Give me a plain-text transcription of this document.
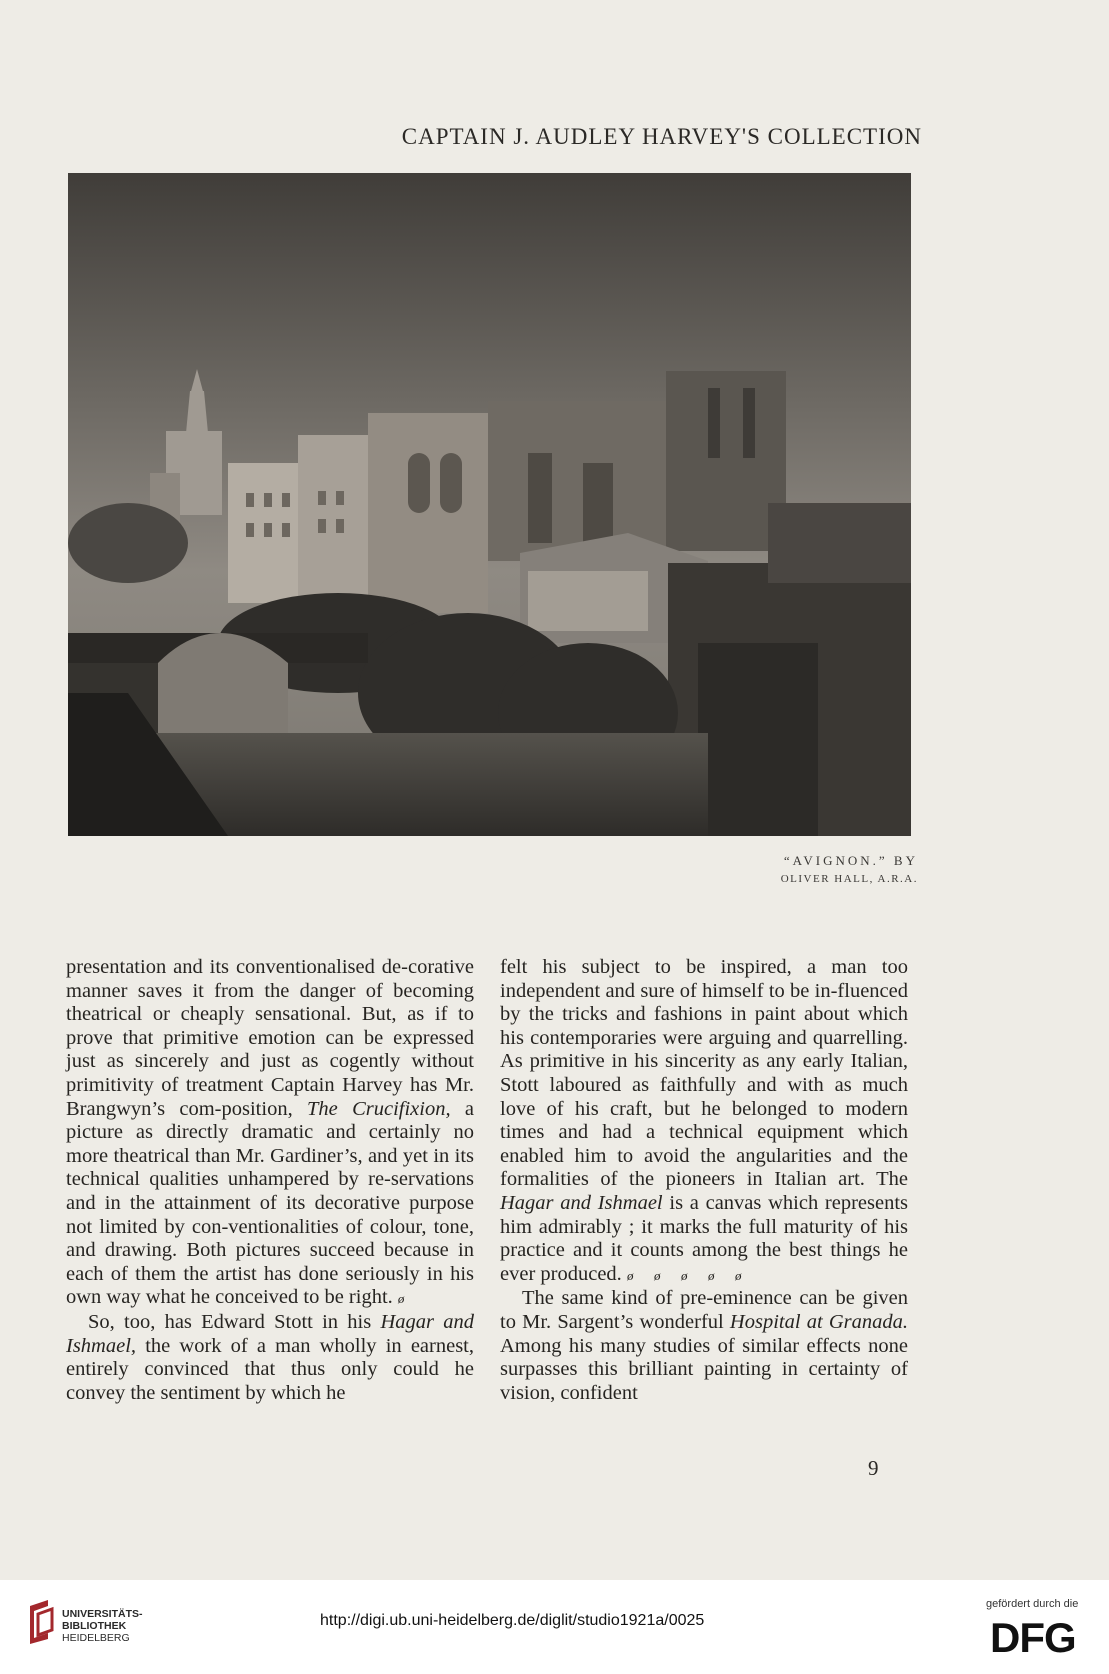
CAPTAIN J. AUDLEY HARVEY'S COLLECTION
“AVIGNON.” BY
OLIVER HALL, A.R.A.

presentation and its conventionalised de-corative manner saves it from the danger of becoming theatrical or cheaply sensational. But, as if to prove that primitive emotion can be expressed just as sincerely and just as cogently without primitivity of treatment Captain Harvey has Mr. Brangwyn’s com-position, The Crucifixion, a picture as directly dramatic and certainly no more theatrical than Mr. Gardiner’s, and yet in its technical qualities unhampered by re-servations and in the attainment of its decorative purpose not limited by con-ventionalities of colour, tone, and drawing. Both pictures succeed because in each of them the artist has done seriously in his own way what he conceived to be right. ø

So, too, has Edward Stott in his Hagar and Ishmael, the work of a man wholly in earnest, entirely convinced that thus only could he convey the sentiment by which he

felt his subject to be inspired, a man too independent and sure of himself to be in-fluenced by the tricks and fashions in paint about which his contemporaries were arguing and quarrelling. As primitive in his sincerity as any early Italian, Stott laboured as faithfully and with as much love of his craft, but he belonged to modern times and had a technical equipment which enabled him to avoid the angularities and the formalities of the pioneers in Italian art. The Hagar and Ishmael is a canvas which represents him admirably ; it marks the full maturity of his practice and it counts among the best things he ever produced. ø  ø  ø  ø  ø

The same kind of pre-eminence can be given to Mr. Sargent’s wonderful Hospital at Granada. Among his many studies of similar effects none surpasses this brilliant painting in certainty of vision, confident

9
UNIVERSITÄTS-
BIBLIOTHEK
HEIDELBERG
http://digi.ub.uni-heidelberg.de/diglit/studio1921a/0025
gefördert durch die
DFG
